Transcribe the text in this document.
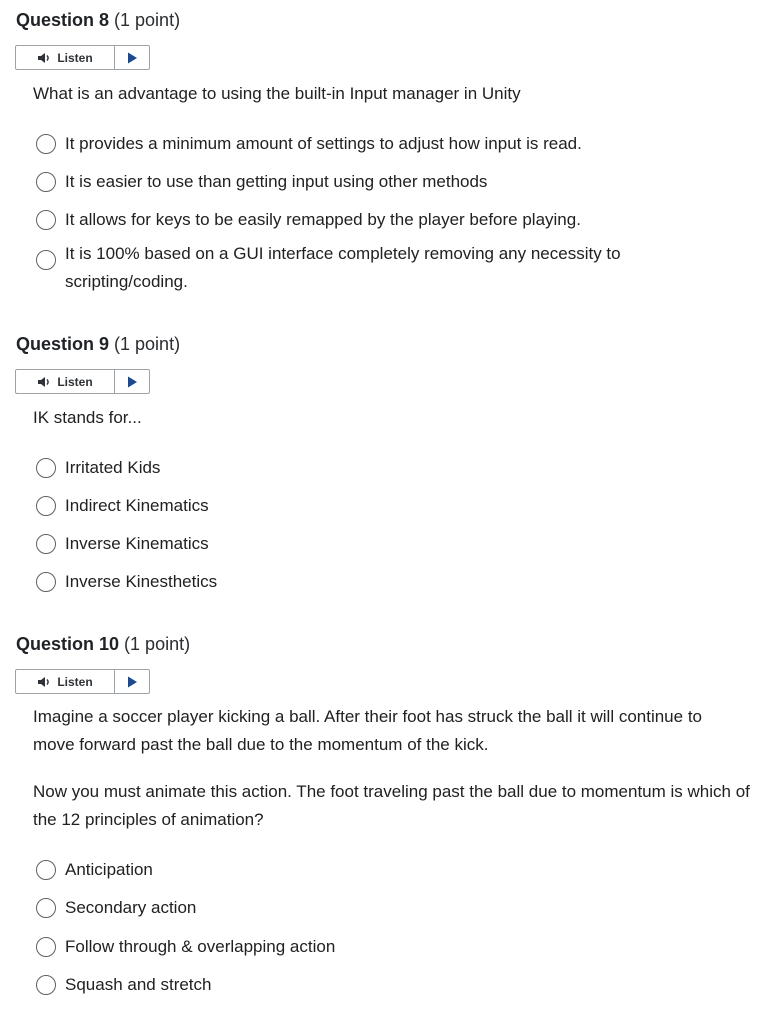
Question 8 (1 point)
Listen
What is an advantage to using the built-in Input manager in Unity
It provides a minimum amount of settings to adjust how input is read.
It is easier to use than getting input using other methods
It allows for keys to be easily remapped by the player before playing.
It is 100% based on a GUI interface completely removing any necessity to scripting/coding.
Question 9 (1 point)
Listen
IK stands for...
Irritated Kids
Indirect Kinematics
Inverse Kinematics
Inverse Kinesthetics
Question 10 (1 point)
Listen
Imagine a soccer player kicking a ball. After their foot has struck the ball it will continue to move forward past the ball due to the momentum of the kick.
Now you must animate this action. The foot traveling past the ball due to momentum is which of the 12 principles of animation?
Anticipation
Secondary action
Follow through & overlapping action
Squash and stretch
